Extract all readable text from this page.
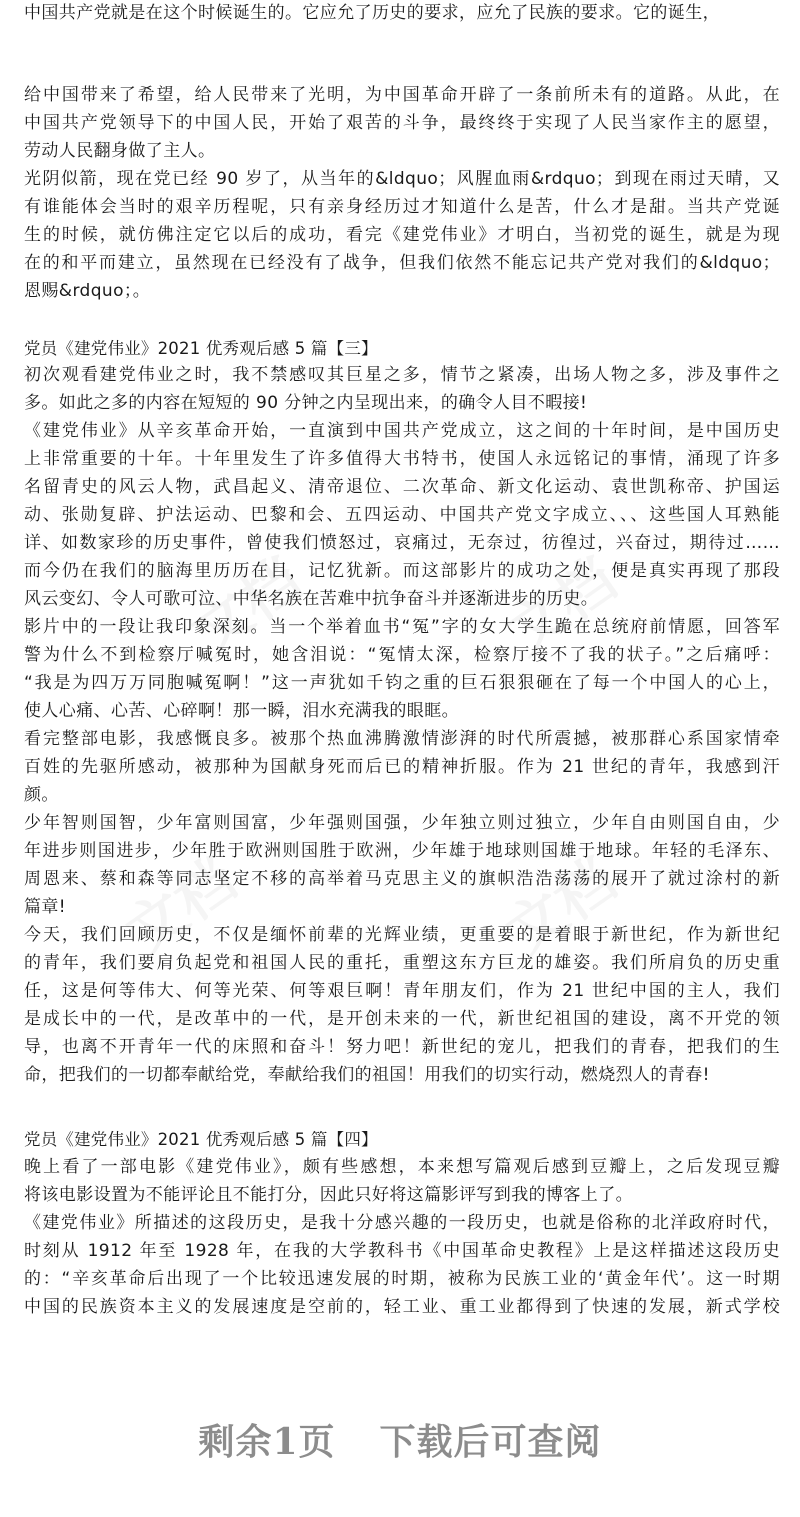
文档	文档
文档	文档
中国共产党就是在这个时候诞生的。它应允了历史的要求，应允了民族的要求。它的诞生，
给中国带来了希望，给人民带来了光明，为中国革命开辟了一条前所未有的道路。从此，在
中国共产党领导下的中国人民，开始了艰苦的斗争，最终终于实现了人民当家作主的愿望，
劳动人民翻身做了主人。
光阴似箭，现在党已经 90 岁了，从当年的&ldquo；风腥血雨&rdquo；到现在雨过天晴，又
有谁能体会当时的艰辛历程呢，只有亲身经历过才知道什么是苦，什么才是甜。当共产党诞
生的时候，就仿佛注定它以后的成功，看完《建党伟业》才明白，当初党的诞生，就是为现
在的和平而建立，虽然现在已经没有了战争，但我们依然不能忘记共产党对我们的&ldquo；
恩赐&rdquo；。
党员《建党伟业》2021 优秀观后感 5 篇【三】
初次观看建党伟业之时，我不禁感叹其巨星之多，情节之紧凑，出场人物之多，涉及事件之
多。如此之多的内容在短短的 90 分钟之内呈现出来，的确令人目不暇接!
《建党伟业》从辛亥革命开始，一直演到中国共产党成立，这之间的十年时间，是中国历史
上非常重要的十年。十年里发生了许多值得大书特书，使国人永远铭记的事情，涌现了许多
名留青史的风云人物，武昌起义、清帝退位、二次革命、新文化运动、袁世凯称帝、护国运
动、张勋复辟、护法运动、巴黎和会、五四运动、中国共产党文字成立、、、这些国人耳熟能
详、如数家珍的历史事件，曾使我们愤怒过，哀痛过，无奈过，彷徨过，兴奋过，期待过……
而今仍在我们的脑海里历历在目，记忆犹新。而这部影片的成功之处，便是真实再现了那段
风云变幻、令人可歌可泣、中华名族在苦难中抗争奋斗并逐渐进步的历史。
影片中的一段让我印象深刻。当一个举着血书“冤”字的女大学生跪在总统府前情愿，回答军
警为什么不到检察厅喊冤时，她含泪说：“冤情太深，检察厅接不了我的状子。”之后痛呼：
“我是为四万万同胞喊冤啊！”这一声犹如千钧之重的巨石狠狠砸在了每一个中国人的心上，
使人心痛、心苦、心碎啊！那一瞬，泪水充满我的眼眶。
看完整部电影，我感慨良多。被那个热血沸腾激情澎湃的时代所震撼，被那群心系国家情牵
百姓的先驱所感动，被那种为国献身死而后已的精神折服。作为 21 世纪的青年，我感到汗
颜。
少年智则国智，少年富则国富，少年强则国强，少年独立则过独立，少年自由则国自由，少
年进步则国进步，少年胜于欧洲则国胜于欧洲，少年雄于地球则国雄于地球。年轻的毛泽东、
周恩来、蔡和森等同志坚定不移的高举着马克思主义的旗帜浩浩荡荡的展开了就过涂村的新
篇章!
今天，我们回顾历史，不仅是缅怀前辈的光辉业绩，更重要的是着眼于新世纪，作为新世纪
的青年，我们要肩负起党和祖国人民的重托，重塑这东方巨龙的雄姿。我们所肩负的历史重
任，这是何等伟大、何等光荣、何等艰巨啊！青年朋友们，作为 21 世纪中国的主人，我们
是成长中的一代，是改革中的一代，是开创未来的一代，新世纪祖国的建设，离不开党的领
导，也离不开青年一代的床照和奋斗！努力吧！新世纪的宠儿，把我们的青春，把我们的生
命，把我们的一切都奉献给党，奉献给我们的祖国！用我们的切实行动，燃烧烈人的青春!
党员《建党伟业》2021 优秀观后感 5 篇【四】
晚上看了一部电影《建党伟业》，颇有些感想，本来想写篇观后感到豆瓣上，之后发现豆瓣
将该电影设置为不能评论且不能打分，因此只好将这篇影评写到我的博客上了。
《建党伟业》所描述的这段历史，是我十分感兴趣的一段历史，也就是俗称的北洋政府时代，
时刻从 1912 年至 1928 年，在我的大学教科书《中国革命史教程》上是这样描述这段历史
的：“辛亥革命后出现了一个比较迅速发展的时期，被称为民族工业的‘黄金年代’。这一时期
中国的民族资本主义的发展速度是空前的，轻工业、重工业都得到了快速的发展，新式学校
剩余1页 下载后可查阅
